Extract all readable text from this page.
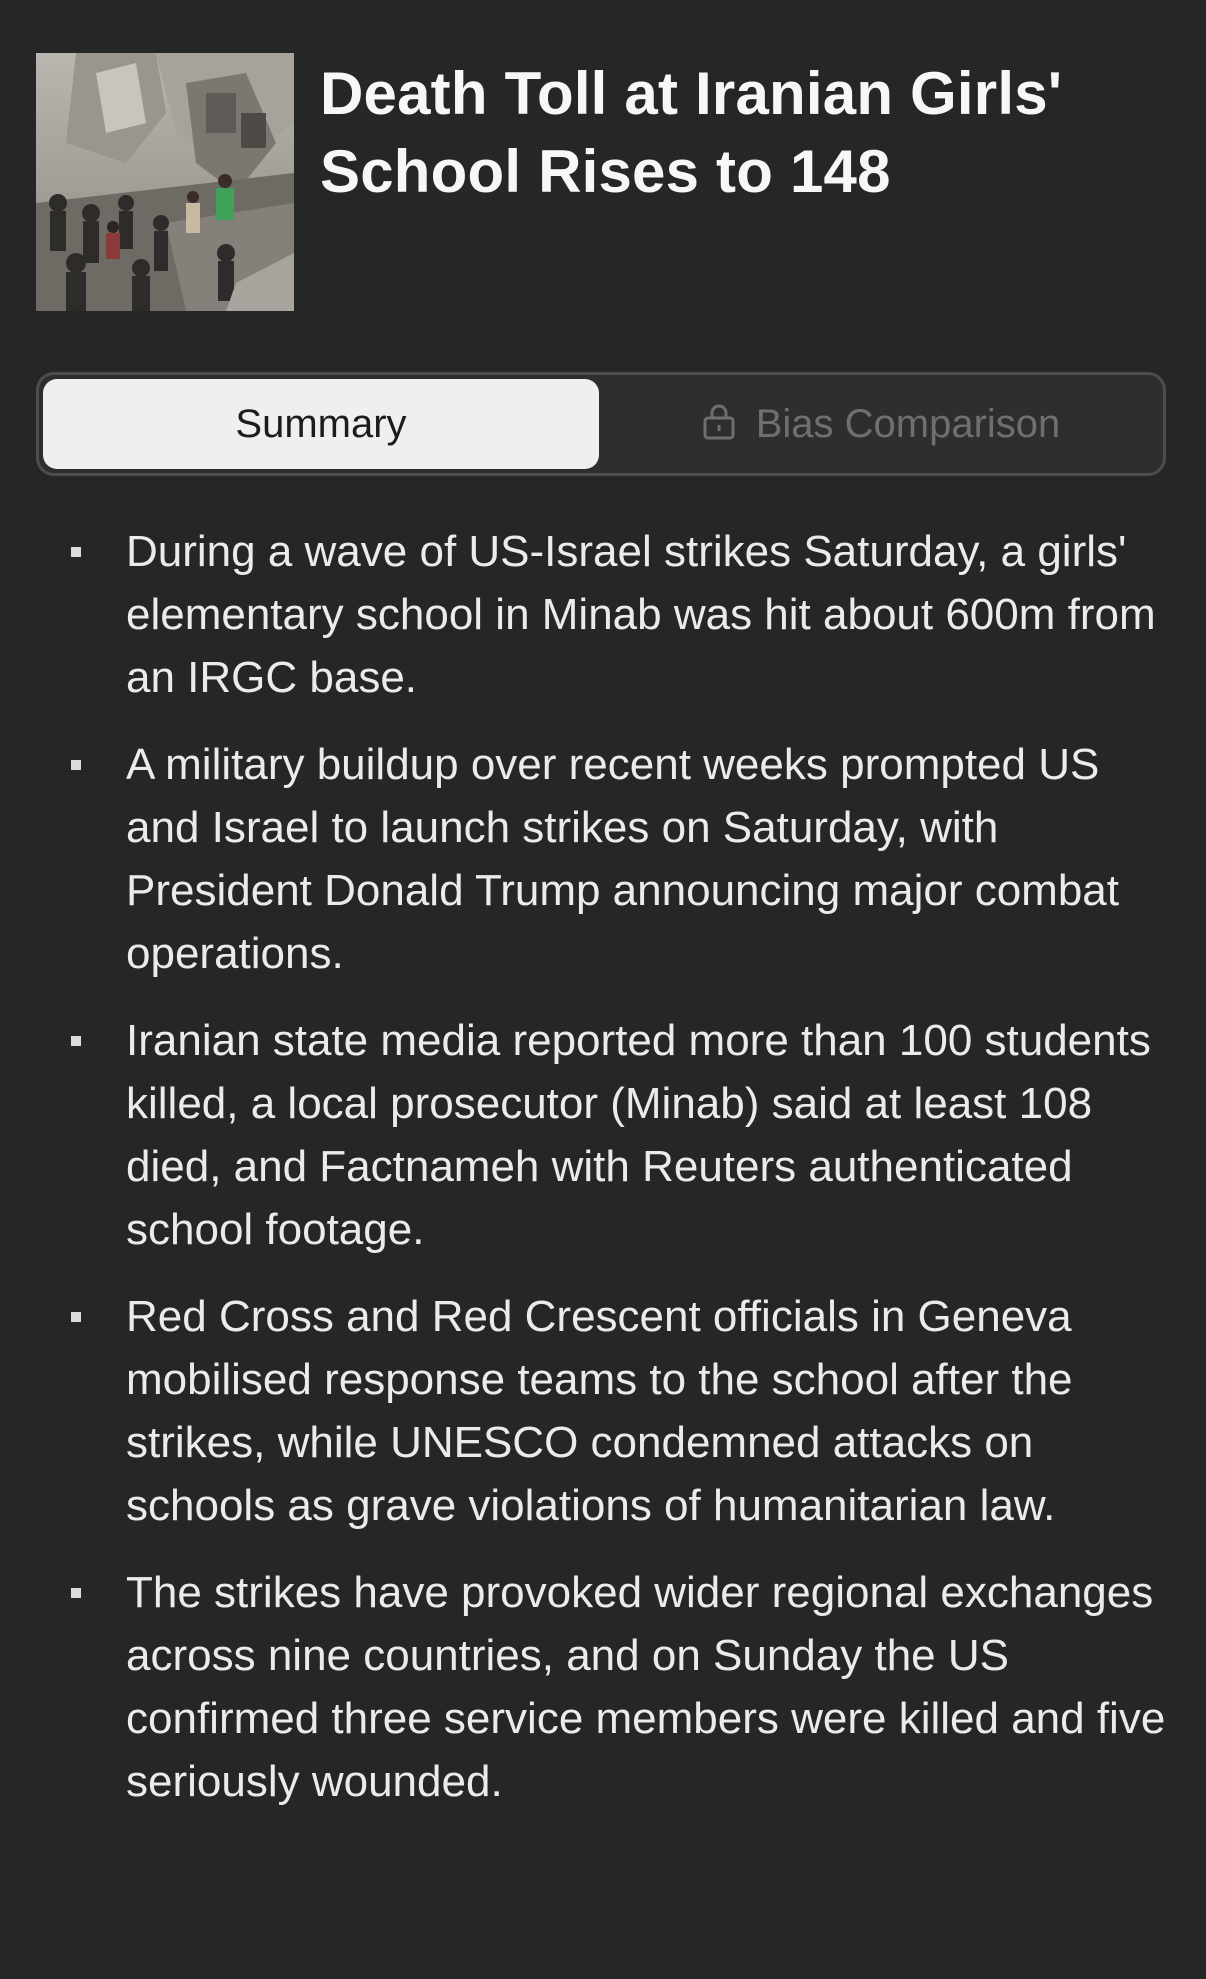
Death Toll at Iranian Girls' School Rises to 148
Summary	Bias Comparison
During a wave of US-Israel strikes Saturday, a girls' elementary school in Minab was hit about 600m from an IRGC base.
A military buildup over recent weeks prompted US and Israel to launch strikes on Saturday, with President Donald Trump announcing major combat operations.
Iranian state media reported more than 100 students killed, a local prosecutor (Minab) said at least 108 died, and Factnameh with Reuters authenticated school footage.
Red Cross and Red Crescent officials in Geneva mobilised response teams to the school after the strikes, while UNESCO condemned attacks on schools as grave violations of humanitarian law.
The strikes have provoked wider regional exchanges across nine countries, and on Sunday the US confirmed three service members were killed and five seriously wounded.
